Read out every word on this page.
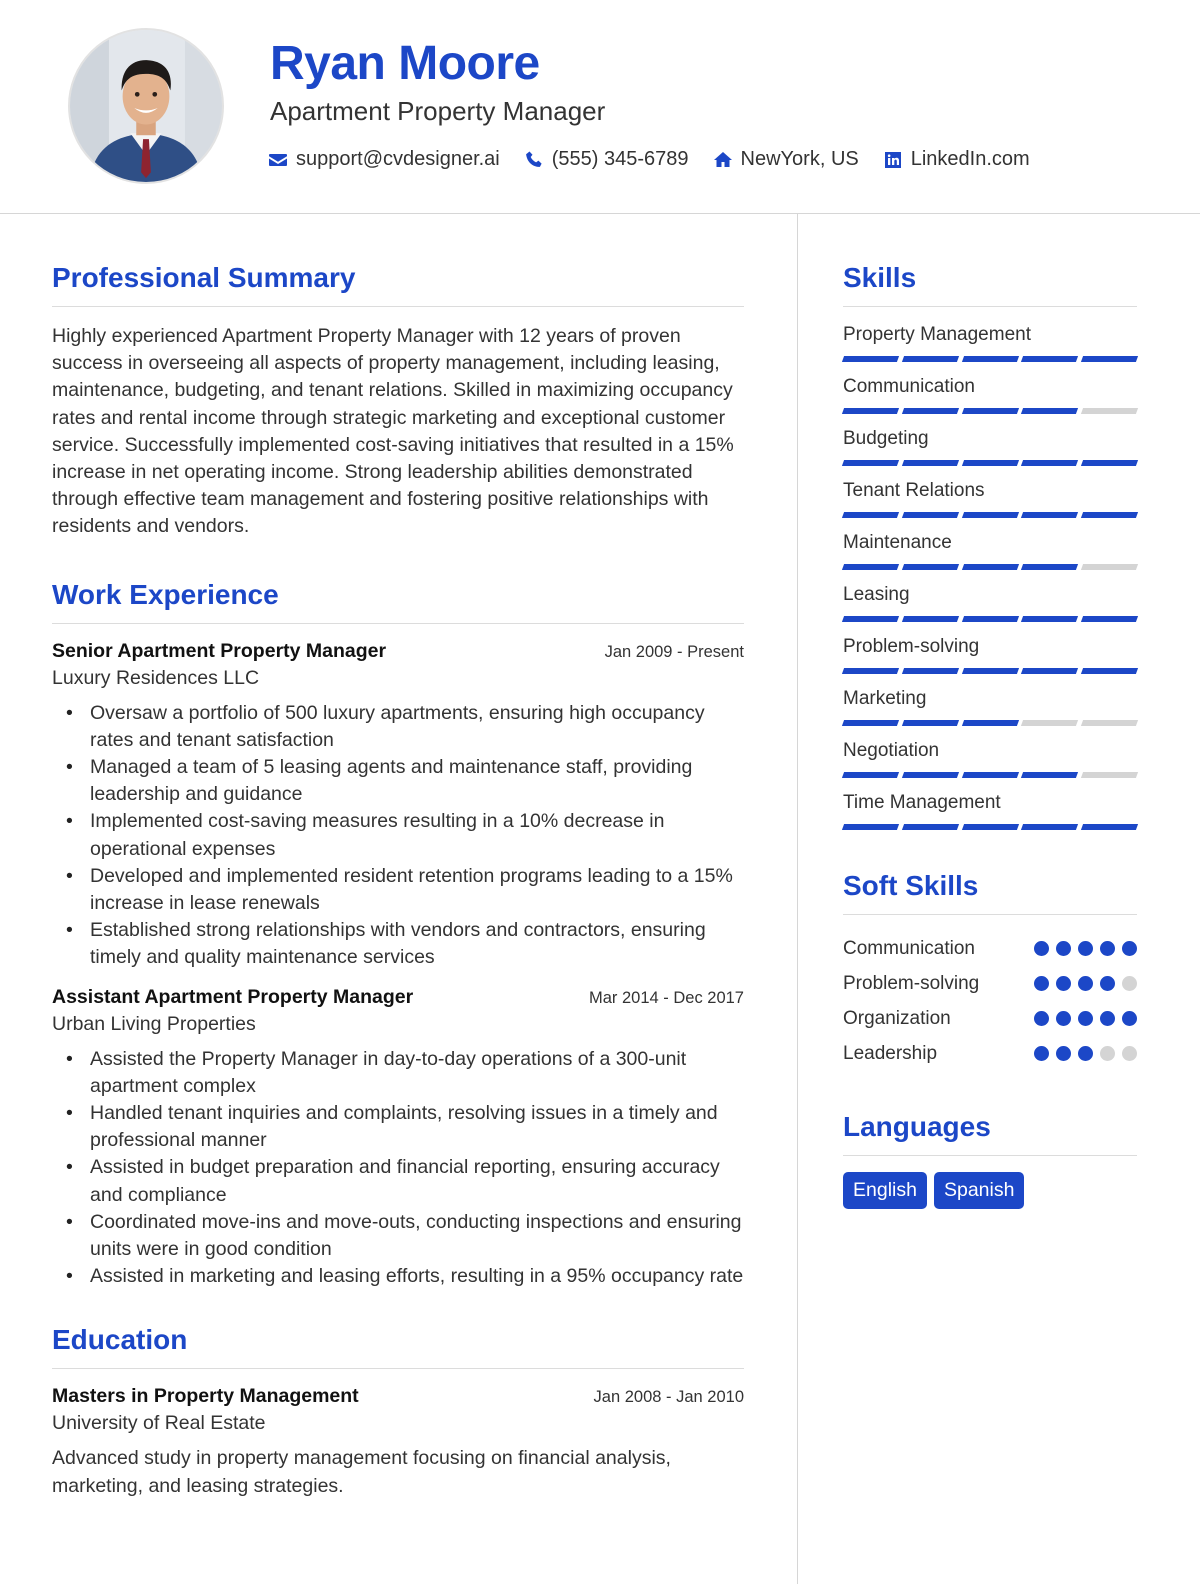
Ryan Moore
Apartment Property Manager
support@cvdesigner.ai	(555) 345-6789	NewYork, US	LinkedIn.com
Professional Summary
Highly experienced Apartment Property Manager with 12 years of proven success in overseeing all aspects of property management, including leasing, maintenance, budgeting, and tenant relations. Skilled in maximizing occupancy rates and rental income through strategic marketing and exceptional customer service. Successfully implemented cost-saving initiatives that resulted in a 15% increase in net operating income. Strong leadership abilities demonstrated through effective team management and fostering positive relationships with residents and vendors.
Work Experience
Senior Apartment Property Manager	Jan 2009 - Present
Luxury Residences LLC
• Oversaw a portfolio of 500 luxury apartments, ensuring high occupancy rates and tenant satisfaction
• Managed a team of 5 leasing agents and maintenance staff, providing leadership and guidance
• Implemented cost-saving measures resulting in a 10% decrease in operational expenses
• Developed and implemented resident retention programs leading to a 15% increase in lease renewals
• Established strong relationships with vendors and contractors, ensuring timely and quality maintenance services
Assistant Apartment Property Manager	Mar 2014 - Dec 2017
Urban Living Properties
• Assisted the Property Manager in day-to-day operations of a 300-unit apartment complex
• Handled tenant inquiries and complaints, resolving issues in a timely and professional manner
• Assisted in budget preparation and financial reporting, ensuring accuracy and compliance
• Coordinated move-ins and move-outs, conducting inspections and ensuring units were in good condition
• Assisted in marketing and leasing efforts, resulting in a 95% occupancy rate
Education
Masters in Property Management	Jan 2008 - Jan 2010
University of Real Estate
Advanced study in property management focusing on financial analysis, marketing, and leasing strategies.
Skills
Property Management
Communication
Budgeting
Tenant Relations
Maintenance
Leasing
Problem-solving
Marketing
Negotiation
Time Management
Soft Skills
Communication
Problem-solving
Organization
Leadership
Languages
English	Spanish
